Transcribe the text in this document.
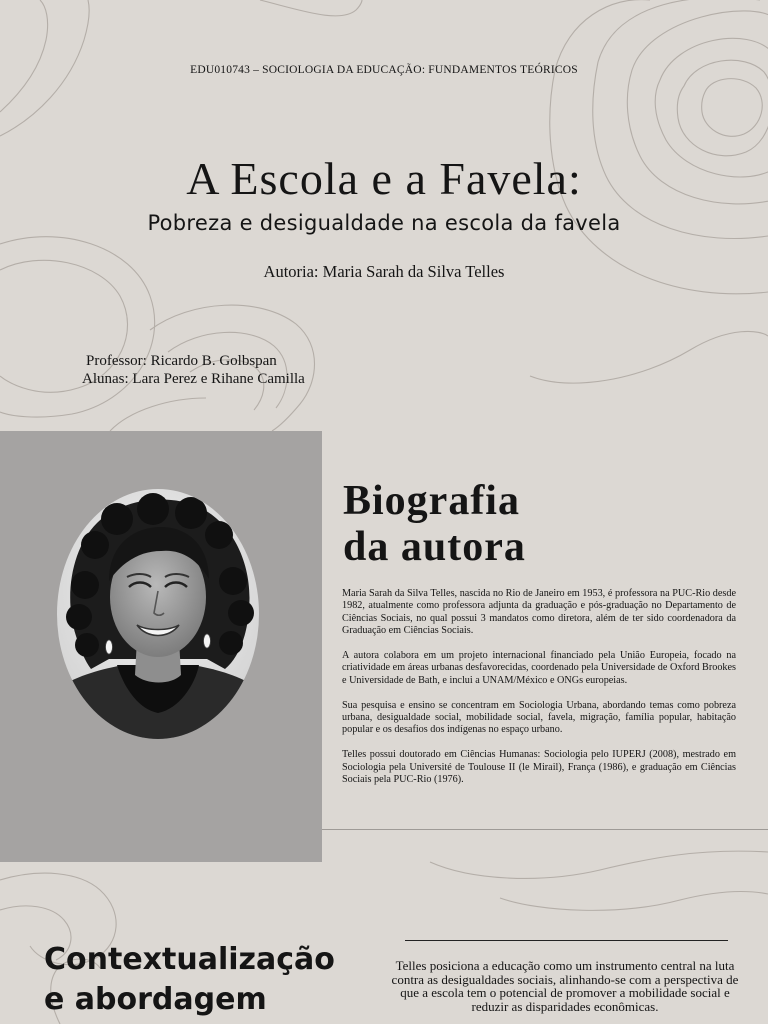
EDU010743 – SOCIOLOGIA DA EDUCAÇÃO: FUNDAMENTOS TEÓRICOS
A Escola e a Favela:
Pobreza e desigualdade na escola da favela
Autoria: Maria Sarah da Silva Telles
Professor: Ricardo B. Golbspan
Alunas: Lara Perez e Rihane Camilla
Biografia
da autora

Maria Sarah da Silva Telles, nascida no Rio de Janeiro em 1953, é professora na PUC-Rio desde 1982, atualmente como professora adjunta da graduação e pós-graduação no Departamento de Ciências Sociais, no qual possui 3 mandatos como diretora, além de ter sido coordenadora da Graduação em Ciências Sociais.

A autora colabora em um projeto internacional financiado pela União Europeia, focado na criatividade em áreas urbanas desfavorecidas, coordenado pela Universidade de Oxford Brookes e Universidade de Bath, e inclui a UNAM/México e ONGs europeias.

Sua pesquisa e ensino se concentram em Sociologia Urbana, abordando temas como pobreza urbana, desigualdade social, mobilidade social, favela, migração, família popular, habitação popular e os desafios dos indígenas no espaço urbano.

Telles possui doutorado em Ciências Humanas: Sociologia pelo IUPERJ (2008), mestrado em Sociologia pela Université de Toulouse II (le Mirail), França (1986), e graduação em Ciências Sociais pela PUC-Rio (1976).

Contextualização
e abordagem
Telles posiciona a educação como um instrumento central na luta contra as desigualdades sociais, alinhando-se com a perspectiva de que a escola tem o potencial de promover a mobilidade social e reduzir as disparidades econômicas.
